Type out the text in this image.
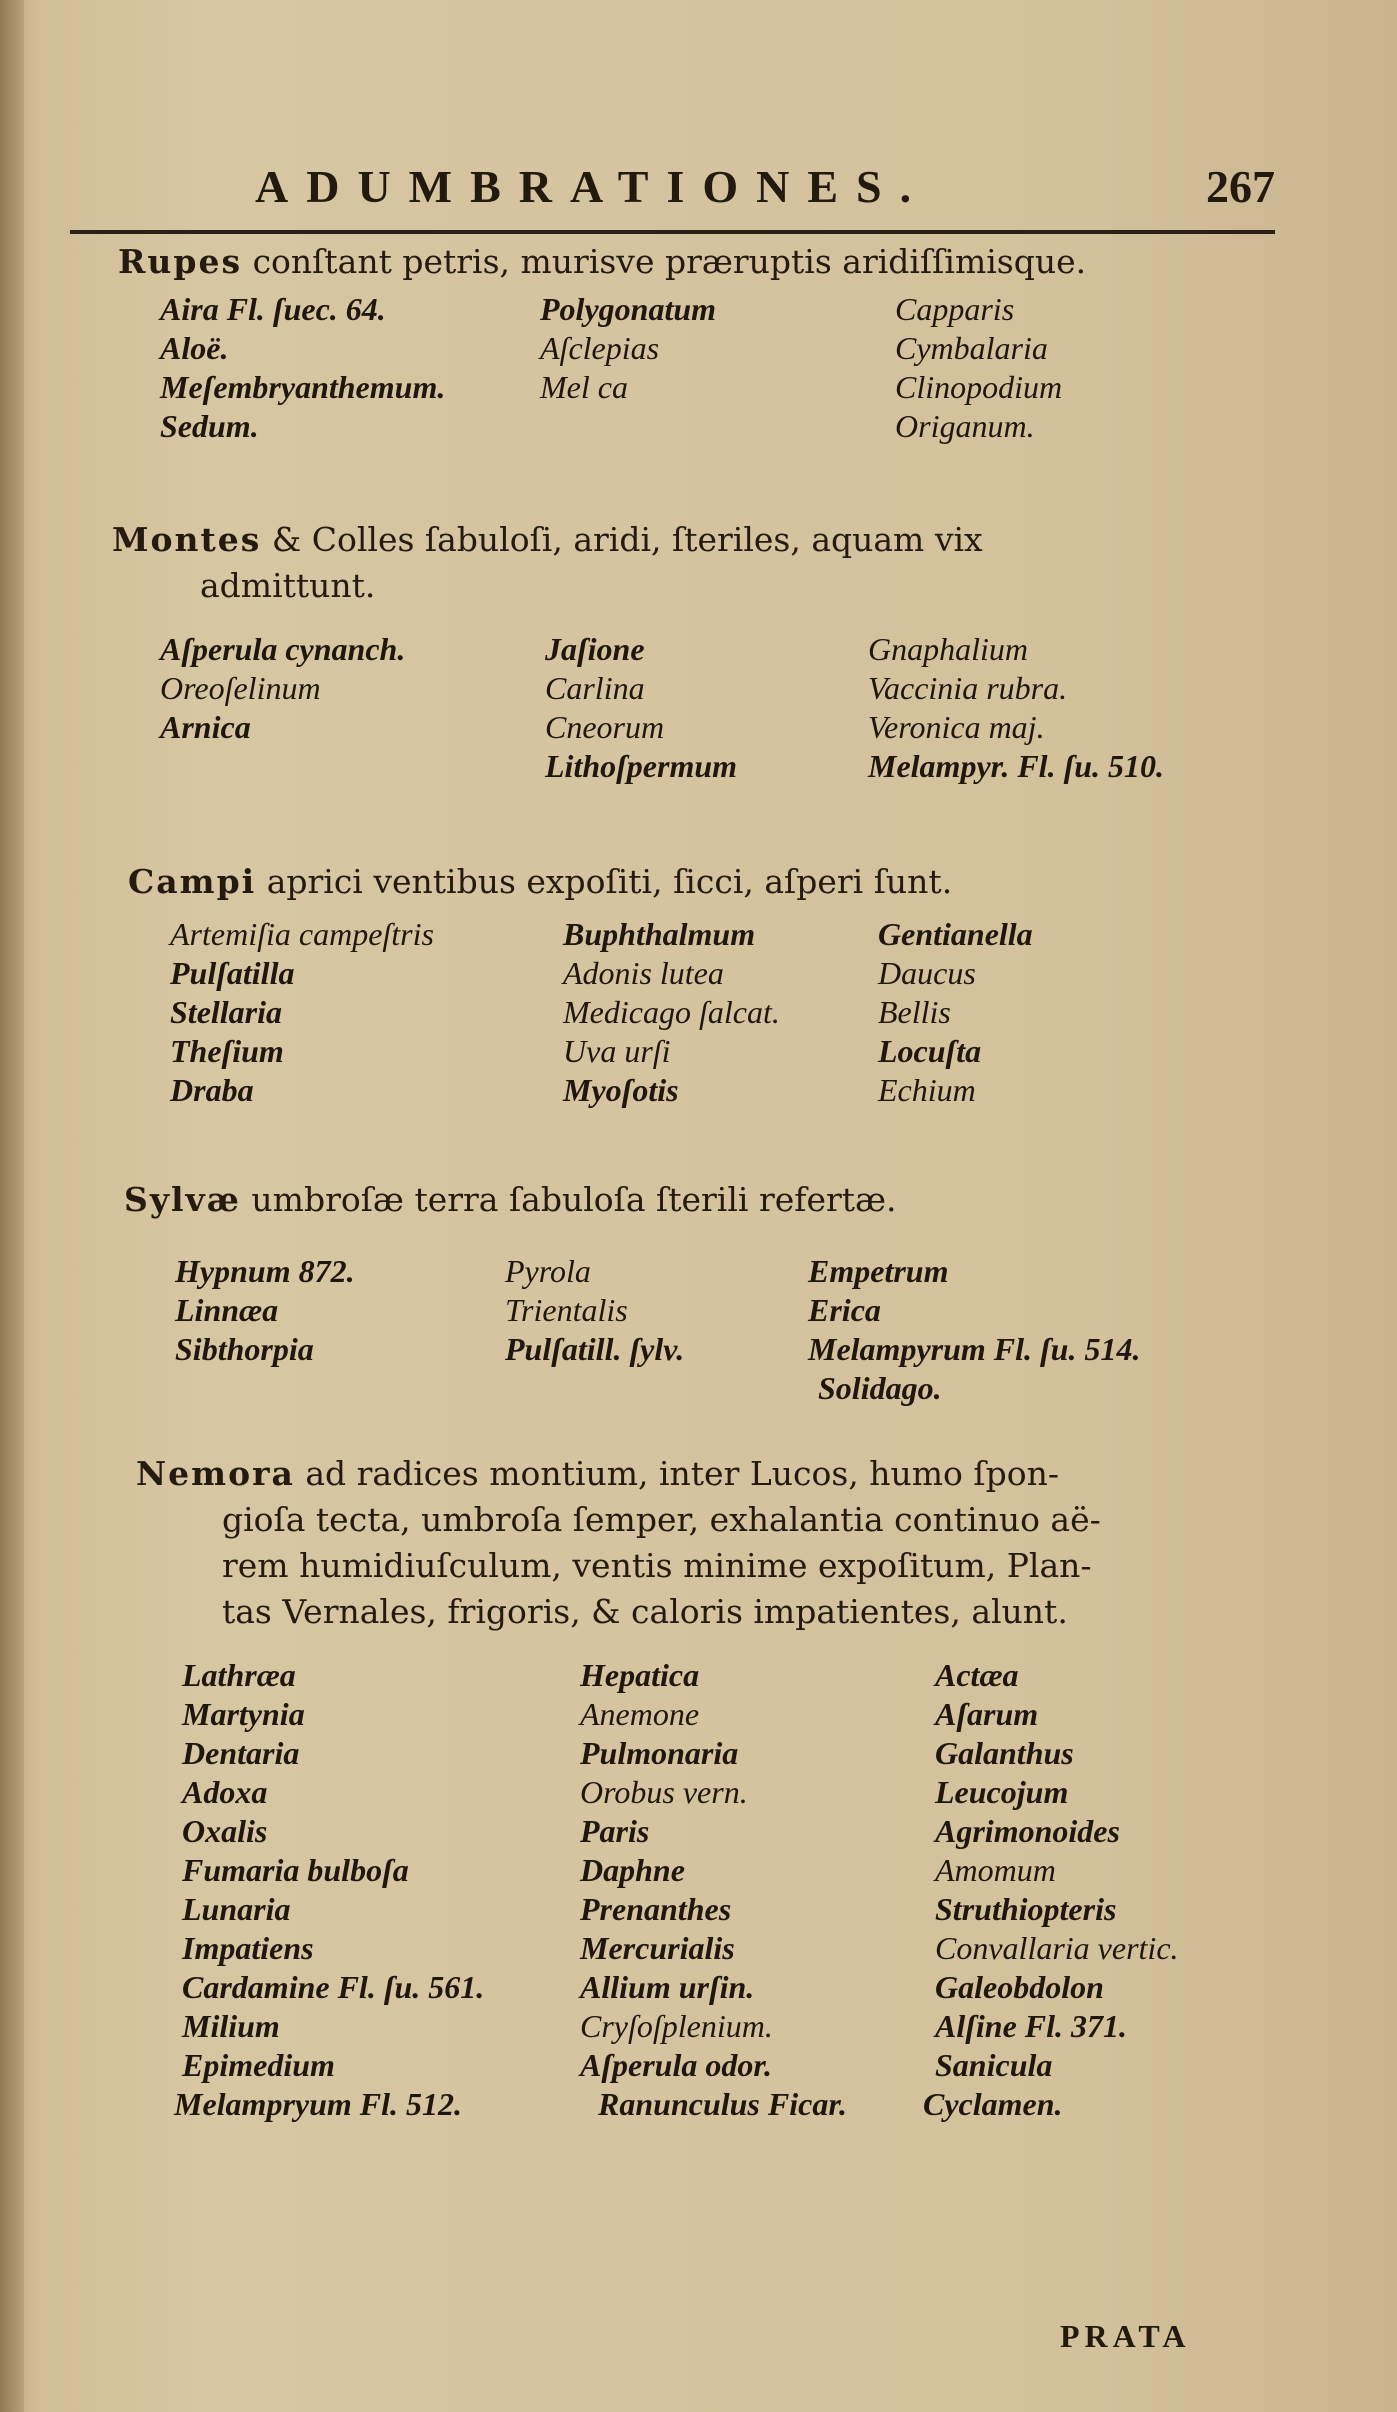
ADUMBRATIONES.	267
Rupes conſtant petris, murisve præruptis aridiſſimisque.
Aira Fl. ſuec. 64.
Aloë.
Meſembryanthemum.
Sedum.
Polygonatum
Aſclepias
Mel ca
Capparis
Cymbalaria
Clinopodium
Origanum.
Montes & Colles ſabuloſi, aridi, ſteriles, aquam vix
admittunt.
Aſperula cynanch.
Oreoſelinum
Arnica
Jaſione
Carlina
Cneorum
Lithoſpermum
Gnaphalium
Vaccinia rubra.
Veronica maj.
Melampyr. Fl. ſu. 510.
Campi aprici ventibus expoſiti, ſicci, aſperi ſunt.
Artemiſia campeſtris
Pulſatilla
Stellaria
Theſium
Draba
Buphthalmum
Adonis lutea
Medicago ſalcat.
Uva urſi
Myoſotis
Gentianella
Daucus
Bellis
Locuſta
Echium
Sylvæ umbroſæ terra ſabuloſa ſterili refertæ.
Hypnum 872.
Linnæa
Sibthorpia
Pyrola
Trientalis
Pulſatill. ſylv.
Empetrum
Erica
Melampyrum Fl. ſu. 514.
Solidago.
Nemora ad radices montium, inter Lucos, humo ſpon-
gioſa tecta, umbroſa ſemper, exhalantia continuo aë-
rem humidiuſculum, ventis minime expoſitum, Plan-
tas Vernales, frigoris, & caloris impatientes, alunt.
Lathræa
Martynia
Dentaria
Adoxa
Oxalis
Fumaria bulboſa
Lunaria
Impatiens
Cardamine Fl. ſu. 561.
Milium
Epimedium
Melampryum Fl. 512.
Hepatica
Anemone
Pulmonaria
Orobus vern.
Paris
Daphne
Prenanthes
Mercurialis
Allium urſin.
Cryſoſplenium.
Aſperula odor.
Ranunculus Ficar.
Actæa
Aſarum
Galanthus
Leucojum
Agrimonoides
Amomum
Struthiopteris
Convallaria vertic.
Galeobdolon
Alſine Fl. 371.
Sanicula
Cyclamen.
PRATA
